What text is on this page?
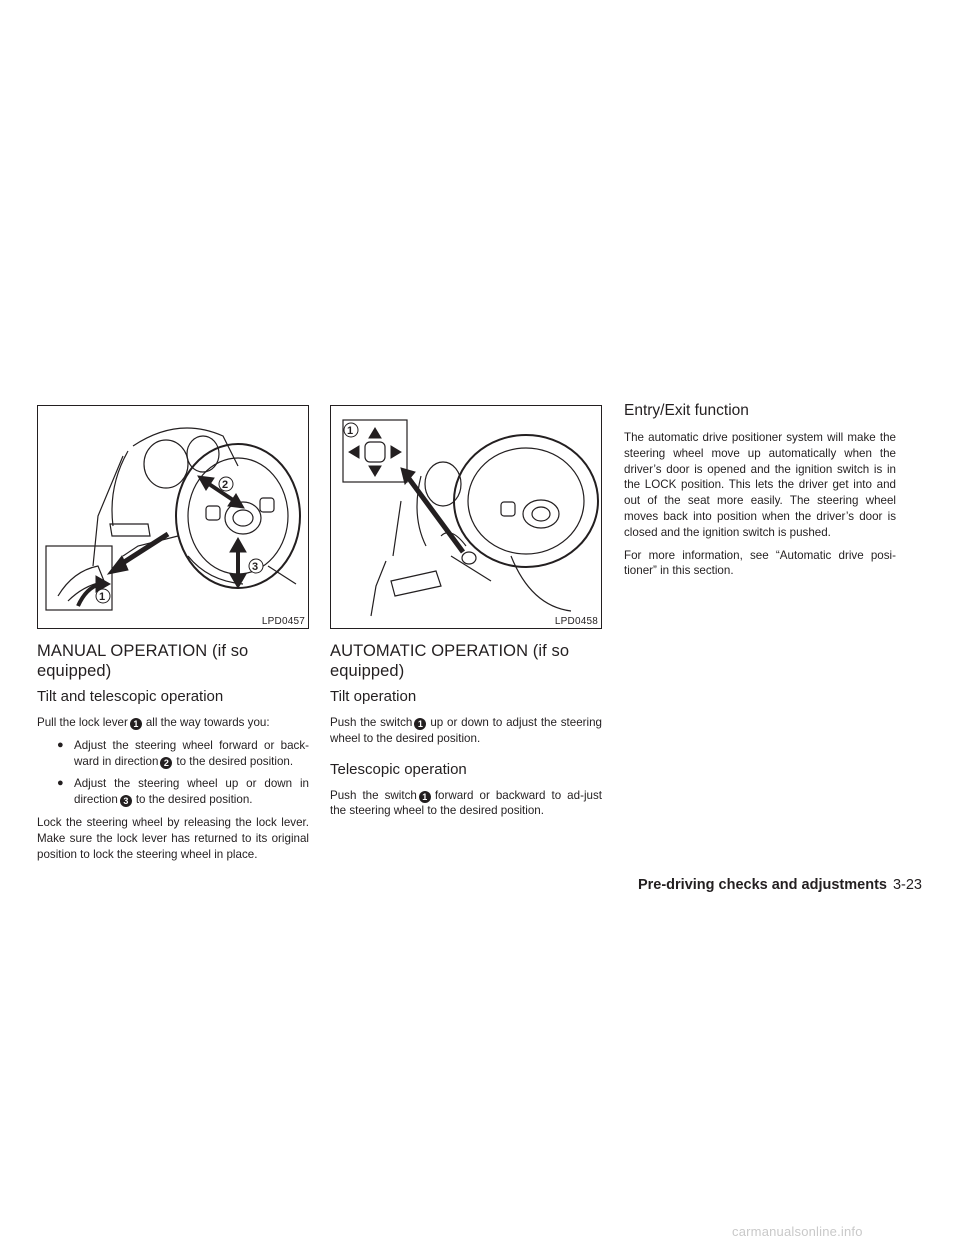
2
3
1
LPD0457
MANUAL OPERATION (if so equipped)
Tilt and telescopic operation

Pull the lock lever 1 all the way towards you:

● Adjust the steering wheel forward or back-ward in direction 2 to the desired position.
● Adjust the steering wheel up or down in direction 3 to the desired position.

Lock the steering wheel by releasing the lock lever. Make sure the lock lever has returned to its original position to lock the steering wheel in place.

1
LPD0458
AUTOMATIC OPERATION (if so equipped)
Tilt operation

Push the switch 1 up or down to adjust the steering wheel to the desired position.

Telescopic operation

Push the switch 1 forward or backward to ad-just the steering wheel to the desired position.

Entry/Exit function

The automatic drive positioner system will make the steering wheel move up automatically when the driver’s door is opened and the ignition switch is in the LOCK position. This lets the driver get into and out of the seat more easily. The steering wheel moves back into position when the driver’s door is closed and the ignition switch is pushed.

For more information, see “Automatic drive posi-tioner” in this section.

Pre-driving checks and adjustments 3-23
carmanualsonline.info
